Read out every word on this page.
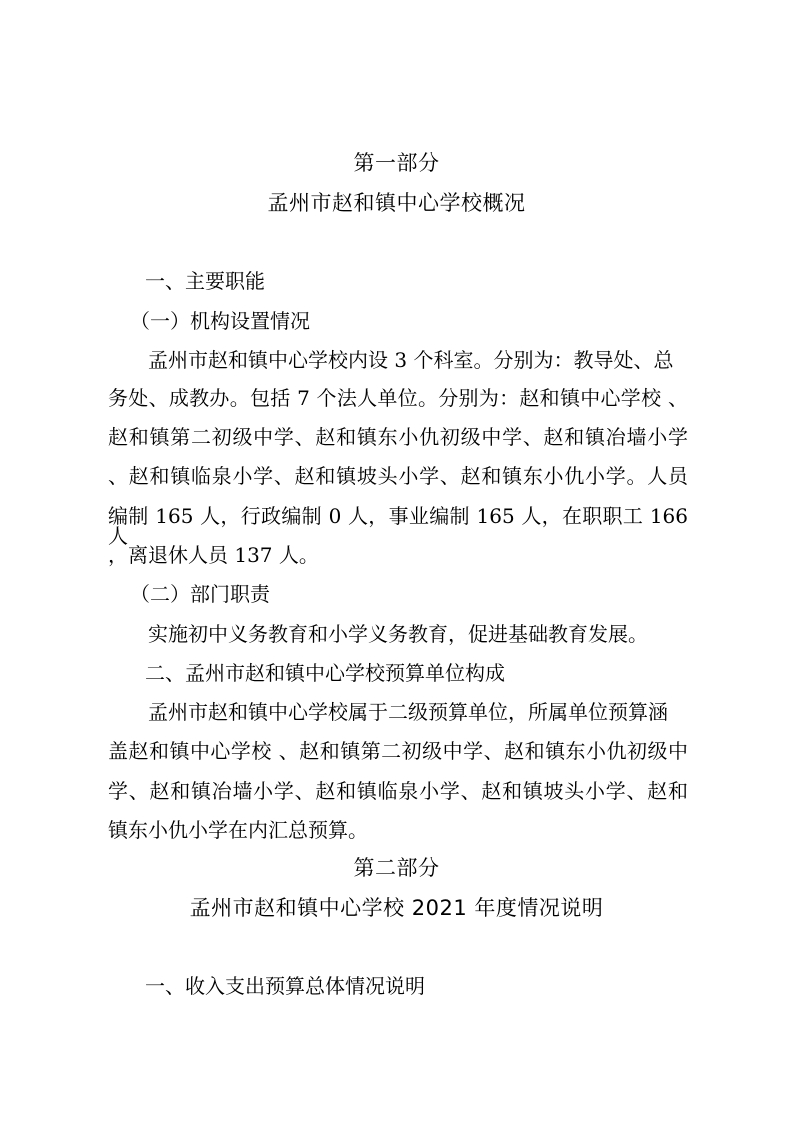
第一部分
孟州市赵和镇中心学校概况
一、主要职能
（一）机构设置情况
孟州市赵和镇中心学校内设 3 个科室。分别为：教导处、总
务处、成教办。包括 7 个法人单位。分别为：赵和镇中心学校 、
赵和镇第二初级中学、赵和镇东小仇初级中学、赵和镇冶墙小学
、赵和镇临泉小学、赵和镇坡头小学、赵和镇东小仇小学。人员
编制 165 人，行政编制 0 人，事业编制 165 人，在职职工 166 人
，离退休人员 137 人。
（二）部门职责
实施初中义务教育和小学义务教育，促进基础教育发展。
二、孟州市赵和镇中心学校预算单位构成
孟州市赵和镇中心学校属于二级预算单位，所属单位预算涵
盖赵和镇中心学校 、赵和镇第二初级中学、赵和镇东小仇初级中
学、赵和镇冶墙小学、赵和镇临泉小学、赵和镇坡头小学、赵和
镇东小仇小学在内汇总预算。
第二部分
孟州市赵和镇中心学校 2021 年度情况说明
一、收入支出预算总体情况说明
